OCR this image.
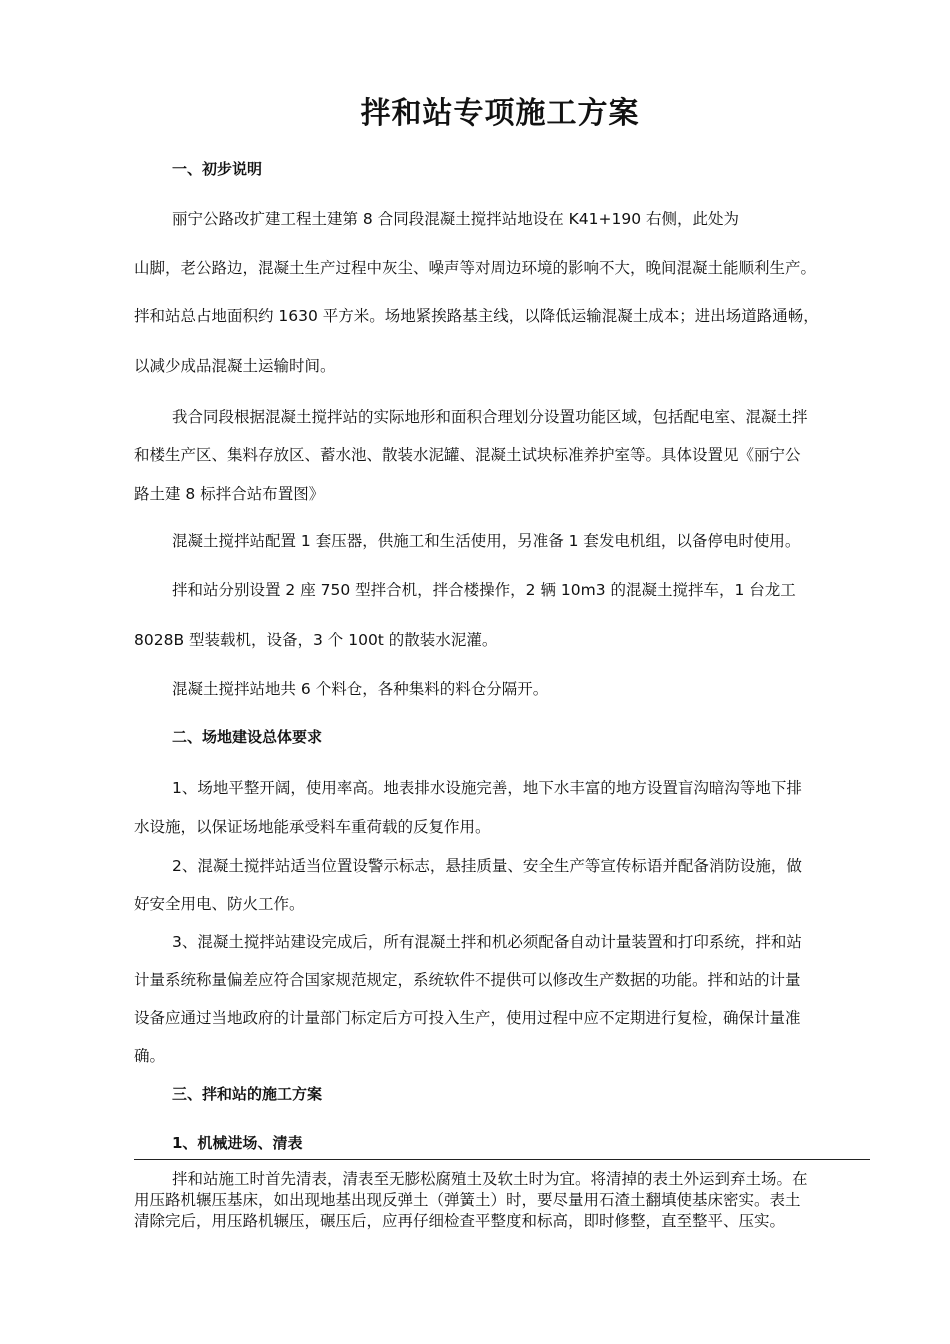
拌和站专项施工方案
一、初步说明
丽宁公路改扩建工程土建第 8 合同段混凝土搅拌站地设在 K41+190 右侧，此处为
山脚，老公路边，混凝土生产过程中灰尘、噪声等对周边环境的影响不大，晚间混凝土能顺利生产。
拌和站总占地面积约 1630 平方米。场地紧挨路基主线，以降低运输混凝土成本；进出场道路通畅，
以减少成品混凝土运输时间。
我合同段根据混凝土搅拌站的实际地形和面积合理划分设置功能区域，包括配电室、混凝土拌
和楼生产区、集料存放区、蓄水池、散装水泥罐、混凝土试块标准养护室等。具体设置见《丽宁公
路土建 8 标拌合站布置图》
混凝土搅拌站配置 1 套压器，供施工和生活使用，另准备 1 套发电机组，以备停电时使用。
拌和站分别设置 2 座 750 型拌合机，拌合楼操作，2 辆 10m3 的混凝土搅拌车，1 台龙工
8028B 型装载机，设备，3 个 100t 的散装水泥灌。
混凝土搅拌站地共 6 个料仓，各种集料的料仓分隔开。
二、场地建设总体要求
1、场地平整开阔，使用率高。地表排水设施完善，地下水丰富的地方设置盲沟暗沟等地下排
水设施，以保证场地能承受料车重荷载的反复作用。
2、混凝土搅拌站适当位置设警示标志，悬挂质量、安全生产等宣传标语并配备消防设施，做
好安全用电、防火工作。
3、混凝土搅拌站建设完成后，所有混凝土拌和机必须配备自动计量装置和打印系统，拌和站
计量系统称量偏差应符合国家规范规定，系统软件不提供可以修改生产数据的功能。拌和站的计量
设备应通过当地政府的计量部门标定后方可投入生产，使用过程中应不定期进行复检，确保计量准
确。
三、拌和站的施工方案
1、机械进场、清表
拌和站施工时首先清表，清表至无膨松腐殖土及软土时为宜。将清掉的表土外运到弃土场。在
用压路机辗压基床，如出现地基出现反弹土（弹簧土）时，要尽量用石渣土翻填使基床密实。表土
清除完后，用压路机辗压，碾压后，应再仔细检查平整度和标高，即时修整，直至整平、压实。
